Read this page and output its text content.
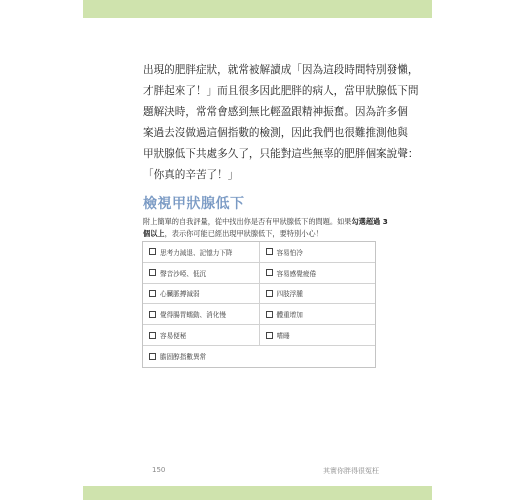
出現的肥胖症狀，就常被解讀成「因為這段時間特別發懶，
才胖起來了！」而且很多因此肥胖的病人，當甲狀腺低下問
題解決時，常常會感到無比輕盈跟精神振奮。因為許多個
案過去沒做過這個指數的檢測，因此我們也很難推測他與
甲狀腺低下共處多久了，只能對這些無辜的肥胖個案說聲：
「你真的辛苦了！」
檢視甲狀腺低下

附上簡單的自我評量，從中找出你是否有甲狀腺低下的問題。如果勾選超過 3
個以上，表示你可能已經出現甲狀腺低下，要特別小心！

思考力減退、記憶力下降	容易怕冷
聲音沙啞、低沉	容易感覺疲倦
心臟脈搏減弱	四肢浮腫
覺得腸胃蠕動、消化慢	體重增加
容易便秘	嗜睡
膽固醇指數異常

150	其實你胖得很冤枉
